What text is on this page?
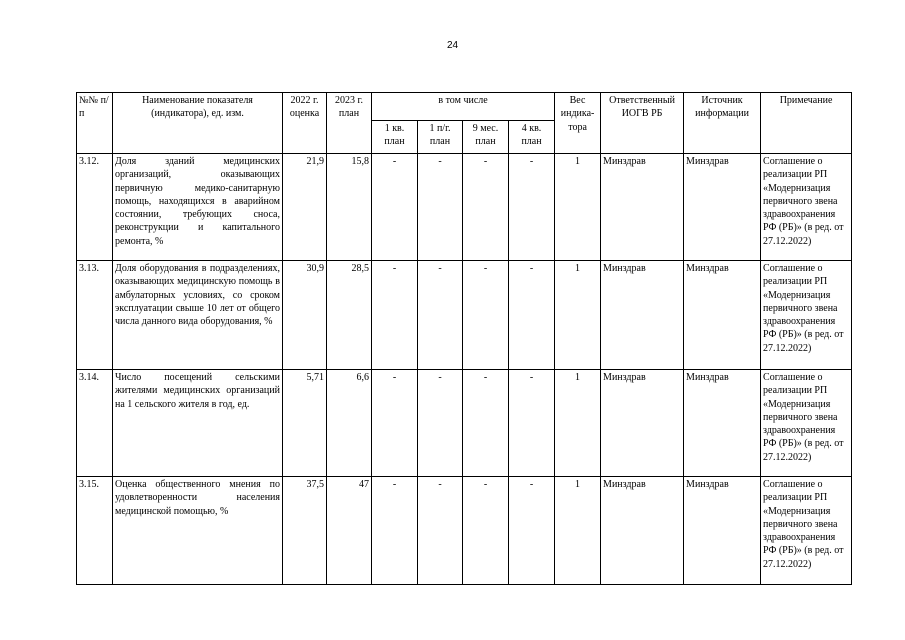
24
№№ п/п	Наименование показателя (индикатора), ед. изм.	2022 г. оценка	2023 г. план	в том числе				Вес индика-тора	Ответственный ИОГВ РБ	Источник информации	Примечание
				1 кв. план	1 п/г. план	9 мес. план	4 кв. план				
3.12.	Доля зданий медицинских организаций, оказывающих первичную медико-санитарную помощь, находящихся в аварийном состоянии, требующих сноса, реконструкции и капитального ремонта, %	21,9	15,8	-	-	-	-	1	Минздрав	Минздрав	Соглашение о реализации РП «Модернизация первичного звена здравоохранения РФ (РБ)» (в ред. от 27.12.2022)
3.13.	Доля оборудования в подразделениях, оказывающих медицинскую помощь в амбулаторных условиях, со сроком эксплуатации свыше 10 лет от общего числа данного вида оборудования, %	30,9	28,5	-	-	-	-	1	Минздрав	Минздрав	Соглашение о реализации РП «Модернизация первичного звена здравоохранения РФ (РБ)» (в ред. от 27.12.2022)
3.14.	Число посещений сельскими жителями медицинских организаций на 1 сельского жителя в год, ед.	5,71	6,6	-	-	-	-	1	Минздрав	Минздрав	Соглашение о реализации РП «Модернизация первичного звена здравоохранения РФ (РБ)» (в ред. от 27.12.2022)
3.15.	Оценка общественного мнения по удовлетворенности населения медицинской помощью, %	37,5	47	-	-	-	-	1	Минздрав	Минздрав	Соглашение о реализации РП «Модернизация первичного звена здравоохранения РФ (РБ)» (в ред. от 27.12.2022)
